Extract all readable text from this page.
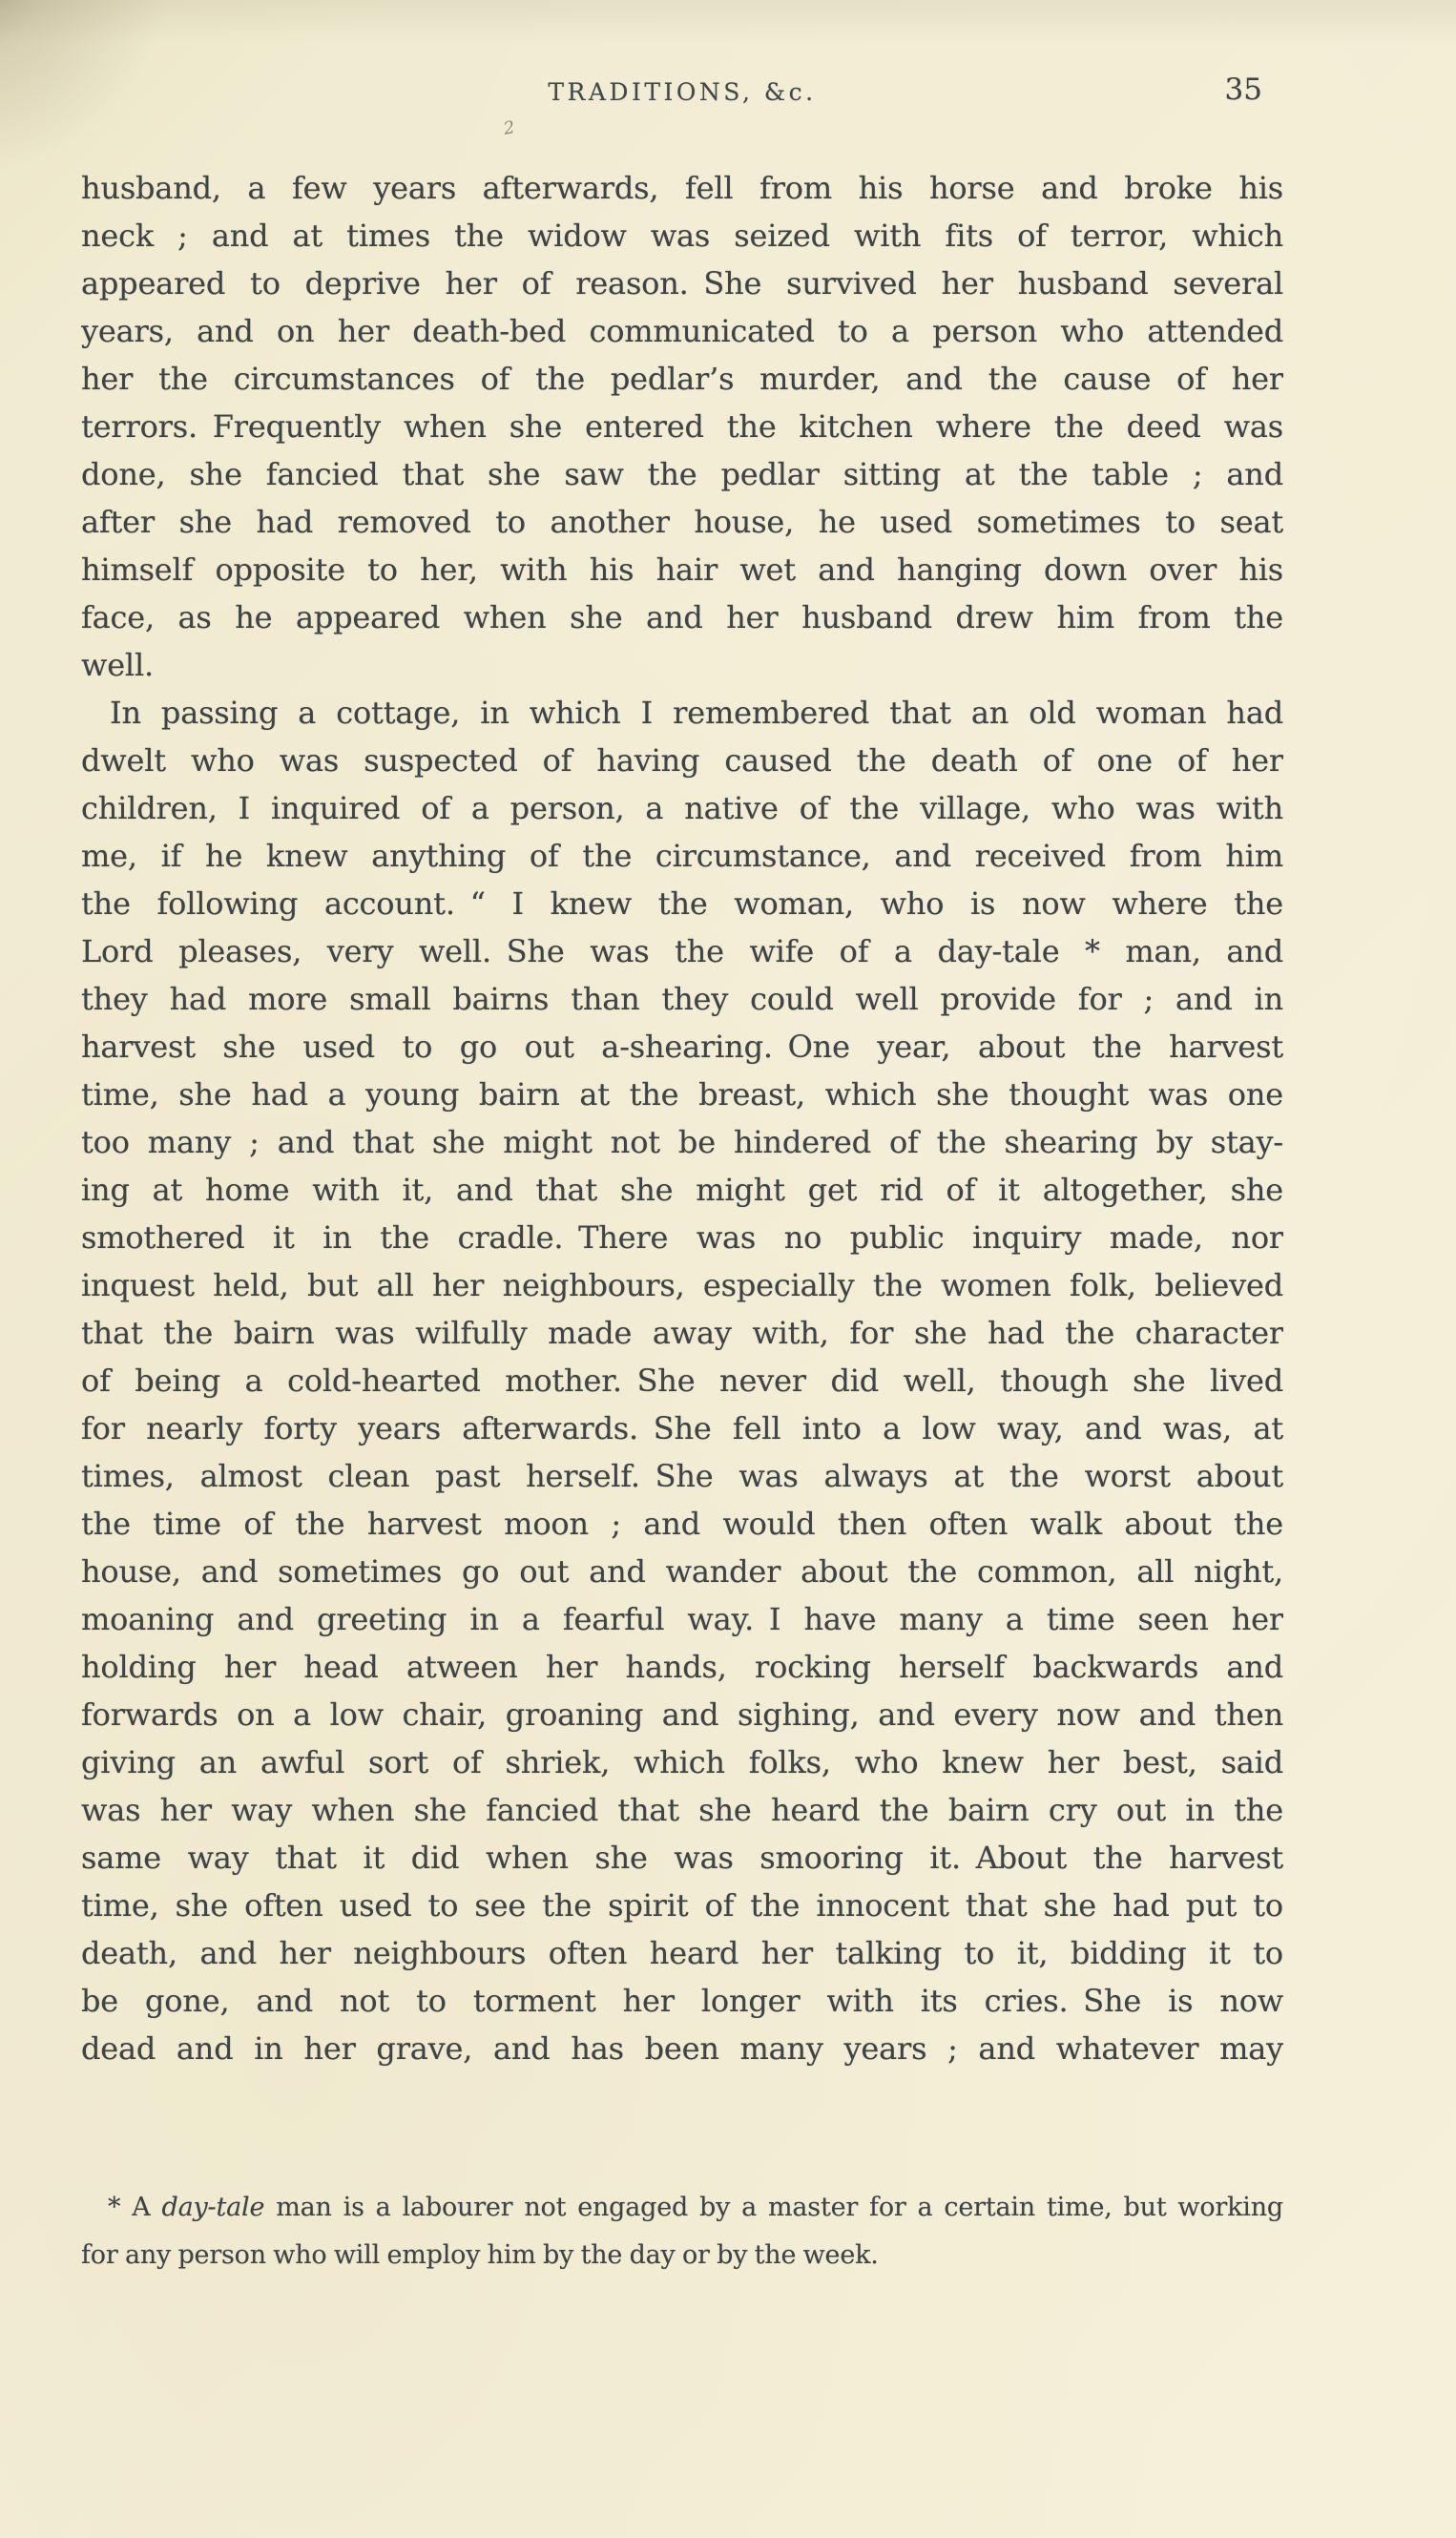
TRADITIONS, &c.	35
2
husband, a few years afterwards, fell from his horse and broke his
neck ; and at times the widow was seized with fits of terror, which
appeared to deprive her of reason. She survived her husband several
years, and on her death-bed communicated to a person who attended
her the circumstances of the pedlar’s murder, and the cause of her
terrors. Frequently when she entered the kitchen where the deed was
done, she fancied that she saw the pedlar sitting at the table ; and
after she had removed to another house, he used sometimes to seat
himself opposite to her, with his hair wet and hanging down over his
face, as he appeared when she and her husband drew him from the
well.
In passing a cottage, in which I remembered that an old woman had
dwelt who was suspected of having caused the death of one of her
children, I inquired of a person, a native of the village, who was with
me, if he knew anything of the circumstance, and received from him
the following account. “ I knew the woman, who is now where the
Lord pleases, very well. She was the wife of a day-tale * man, and
they had more small bairns than they could well provide for ; and in
harvest she used to go out a-shearing. One year, about the harvest
time, she had a young bairn at the breast, which she thought was one
too many ; and that she might not be hindered of the shearing by stay-
ing at home with it, and that she might get rid of it altogether, she
smothered it in the cradle. There was no public inquiry made, nor
inquest held, but all her neighbours, especially the women folk, believed
that the bairn was wilfully made away with, for she had the character
of being a cold-hearted mother. She never did well, though she lived
for nearly forty years afterwards. She fell into a low way, and was, at
times, almost clean past herself. She was always at the worst about
the time of the harvest moon ; and would then often walk about the
house, and sometimes go out and wander about the common, all night,
moaning and greeting in a fearful way. I have many a time seen her
holding her head atween her hands, rocking herself backwards and
forwards on a low chair, groaning and sighing, and every now and then
giving an awful sort of shriek, which folks, who knew her best, said
was her way when she fancied that she heard the bairn cry out in the
same way that it did when she was smooring it. About the harvest
time, she often used to see the spirit of the innocent that she had put to
death, and her neighbours often heard her talking to it, bidding it to
be gone, and not to torment her longer with its cries. She is now
dead and in her grave, and has been many years ; and whatever may
* A day-tale man is a labourer not engaged by a master for a certain time, but working
for any person who will employ him by the day or by the week.
